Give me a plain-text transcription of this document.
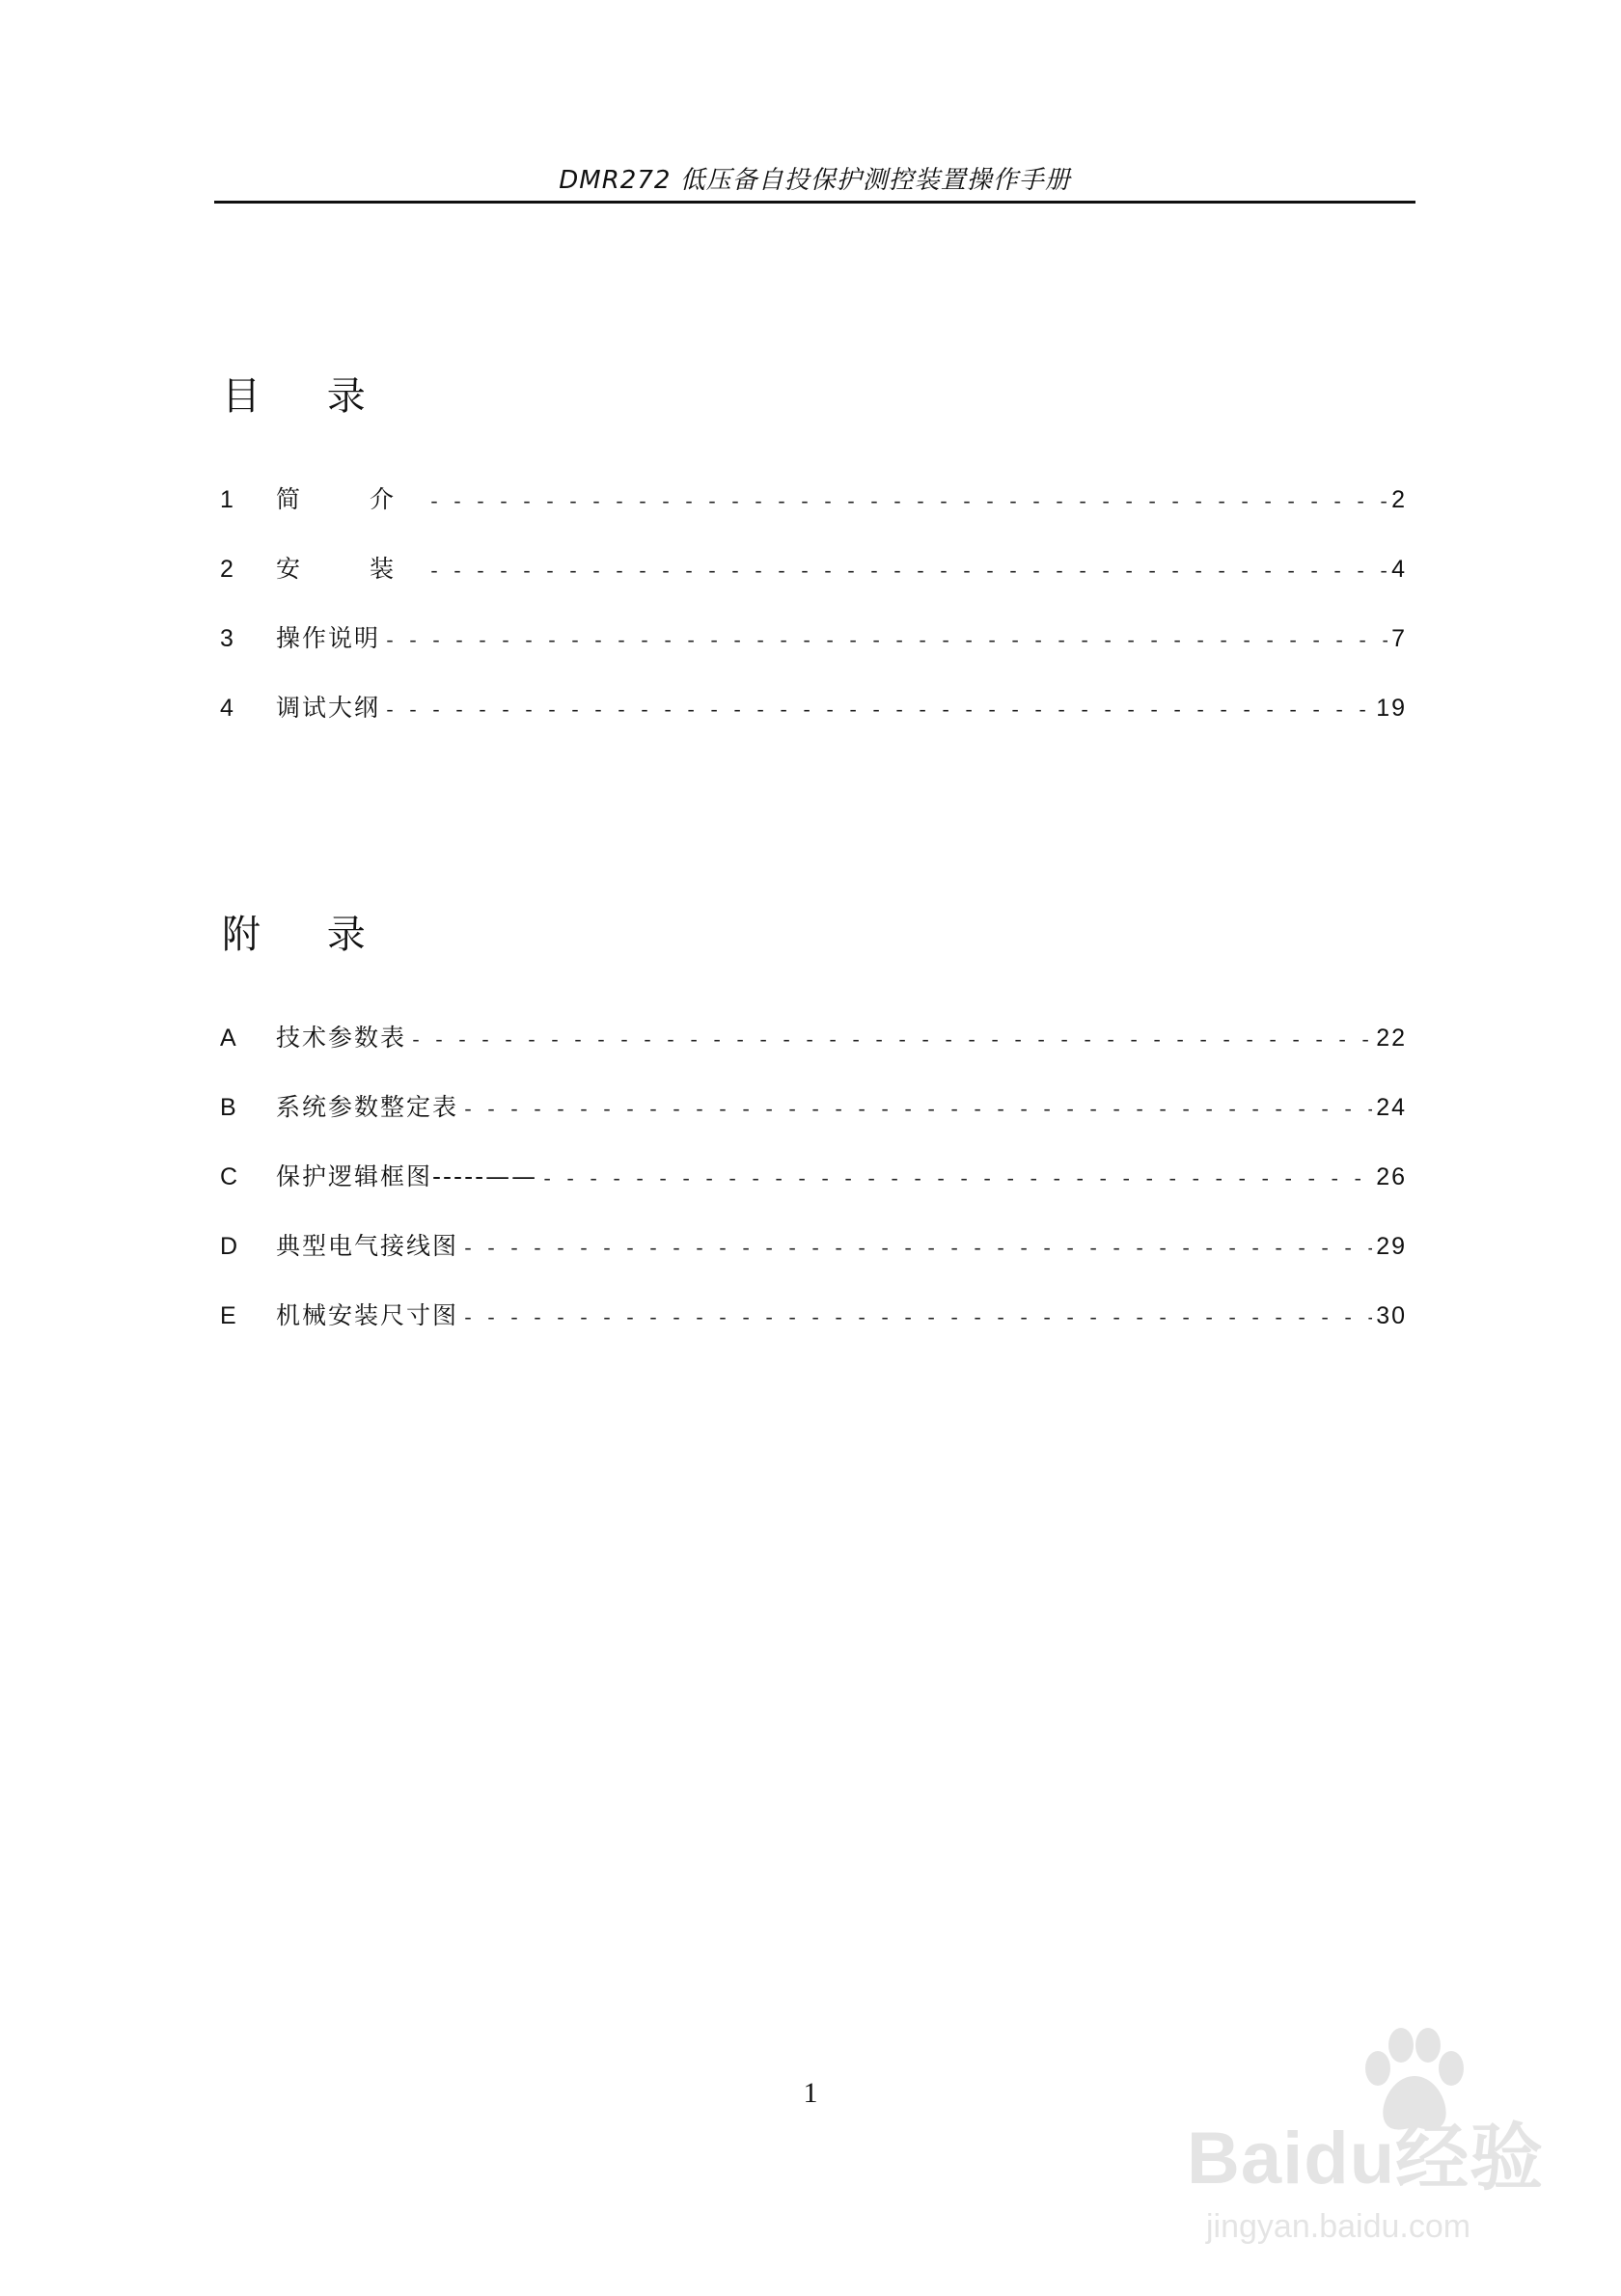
DMR272 低压备自投保护测控装置操作手册
目 录
1	简 介 - - -	2
2	安 装 - - -	4
3	操作说明 - - -	7
4	调试大纲 - - -	19
附 录
A	技术参数表 - - -	22
B	系统参数整定表 - - -	24
C	保护逻辑框图-----—— - - -	26
D	典型电气接线图 - - -	29
E	机械安装尺寸图 - - -	30
1
Baidu经验
jingyan.baidu.com
